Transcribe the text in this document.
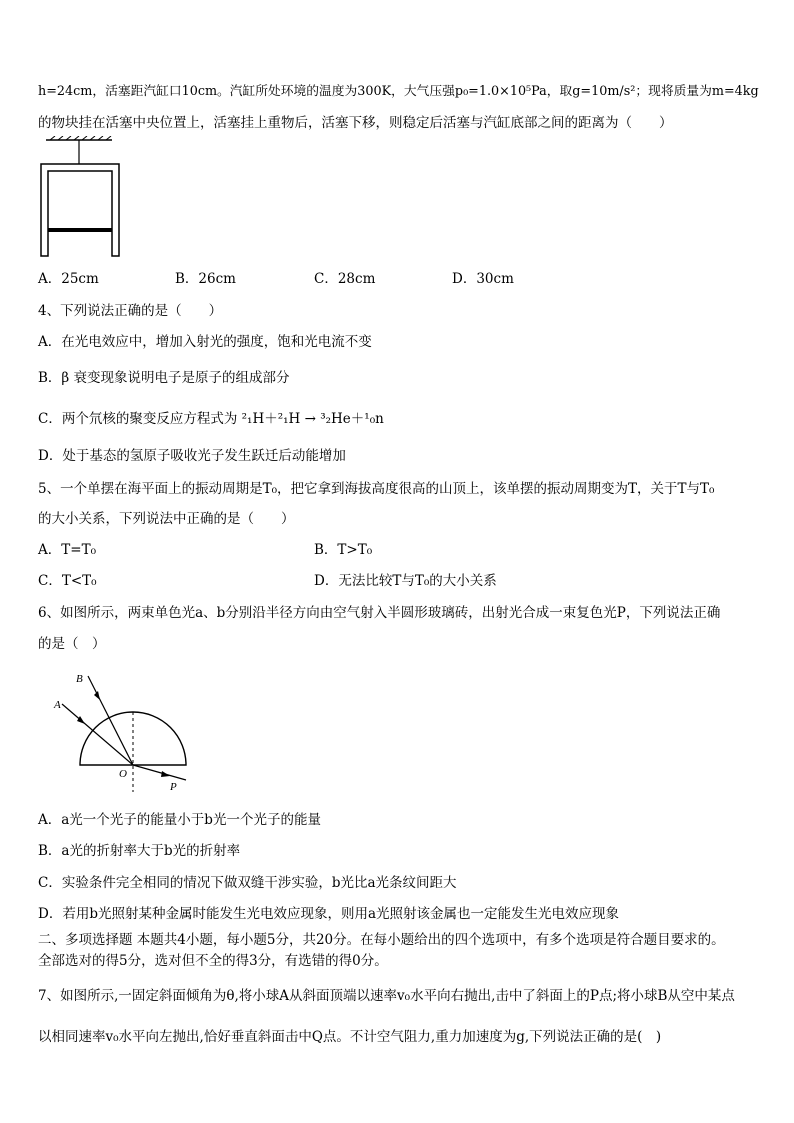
h=24cm，活塞距汽缸口10cm。汽缸所处环境的温度为300K，大气压强p₀=1.0×10⁵Pa，取g=10m/s²；现将质量为m=4kg
的物块挂在活塞中央位置上，活塞挂上重物后，活塞下移，则稳定后活塞与汽缸底部之间的距离为（　　）
A．25cm	B．26cm	C．28cm	D．30cm
4、下列说法正确的是（　　）
A．在光电效应中，增加入射光的强度，饱和光电流不变
B．β 衰变现象说明电子是原子的组成部分
C．两个氘核的聚变反应方程式为 ²₁H＋²₁H → ³₂He＋¹₀n
D．处于基态的氢原子吸收光子发生跃迁后动能增加
5、一个单摆在海平面上的振动周期是T₀，把它拿到海拔高度很高的山顶上，该单摆的振动周期变为T，关于T与T₀
的大小关系，下列说法中正确的是（　　）
A．T=T₀	B．T>T₀
C．T<T₀	D．无法比较T与T₀的大小关系
6、如图所示，两束单色光a、b分别沿半径方向由空气射入半圆形玻璃砖，出射光合成一束复色光P，下列说法正确
的是（　）
B
A
O
P
A．a光一个光子的能量小于b光一个光子的能量
B．a光的折射率大于b光的折射率
C．实验条件完全相同的情况下做双缝干涉实验，b光比a光条纹间距大
D．若用b光照射某种金属时能发生光电效应现象，则用a光照射该金属也一定能发生光电效应现象
二、多项选择题 本题共4小题，每小题5分，共20分。在每小题给出的四个选项中，有多个选项是符合题目要求的。
全部选对的得5分，选对但不全的得3分，有选错的得0分。
7、如图所示,一固定斜面倾角为θ,将小球A从斜面顶端以速率v₀水平向右抛出,击中了斜面上的P点;将小球B从空中某点
以相同速率v₀水平向左抛出,恰好垂直斜面击中Q点。不计空气阻力,重力加速度为g,下列说法正确的是(　)
